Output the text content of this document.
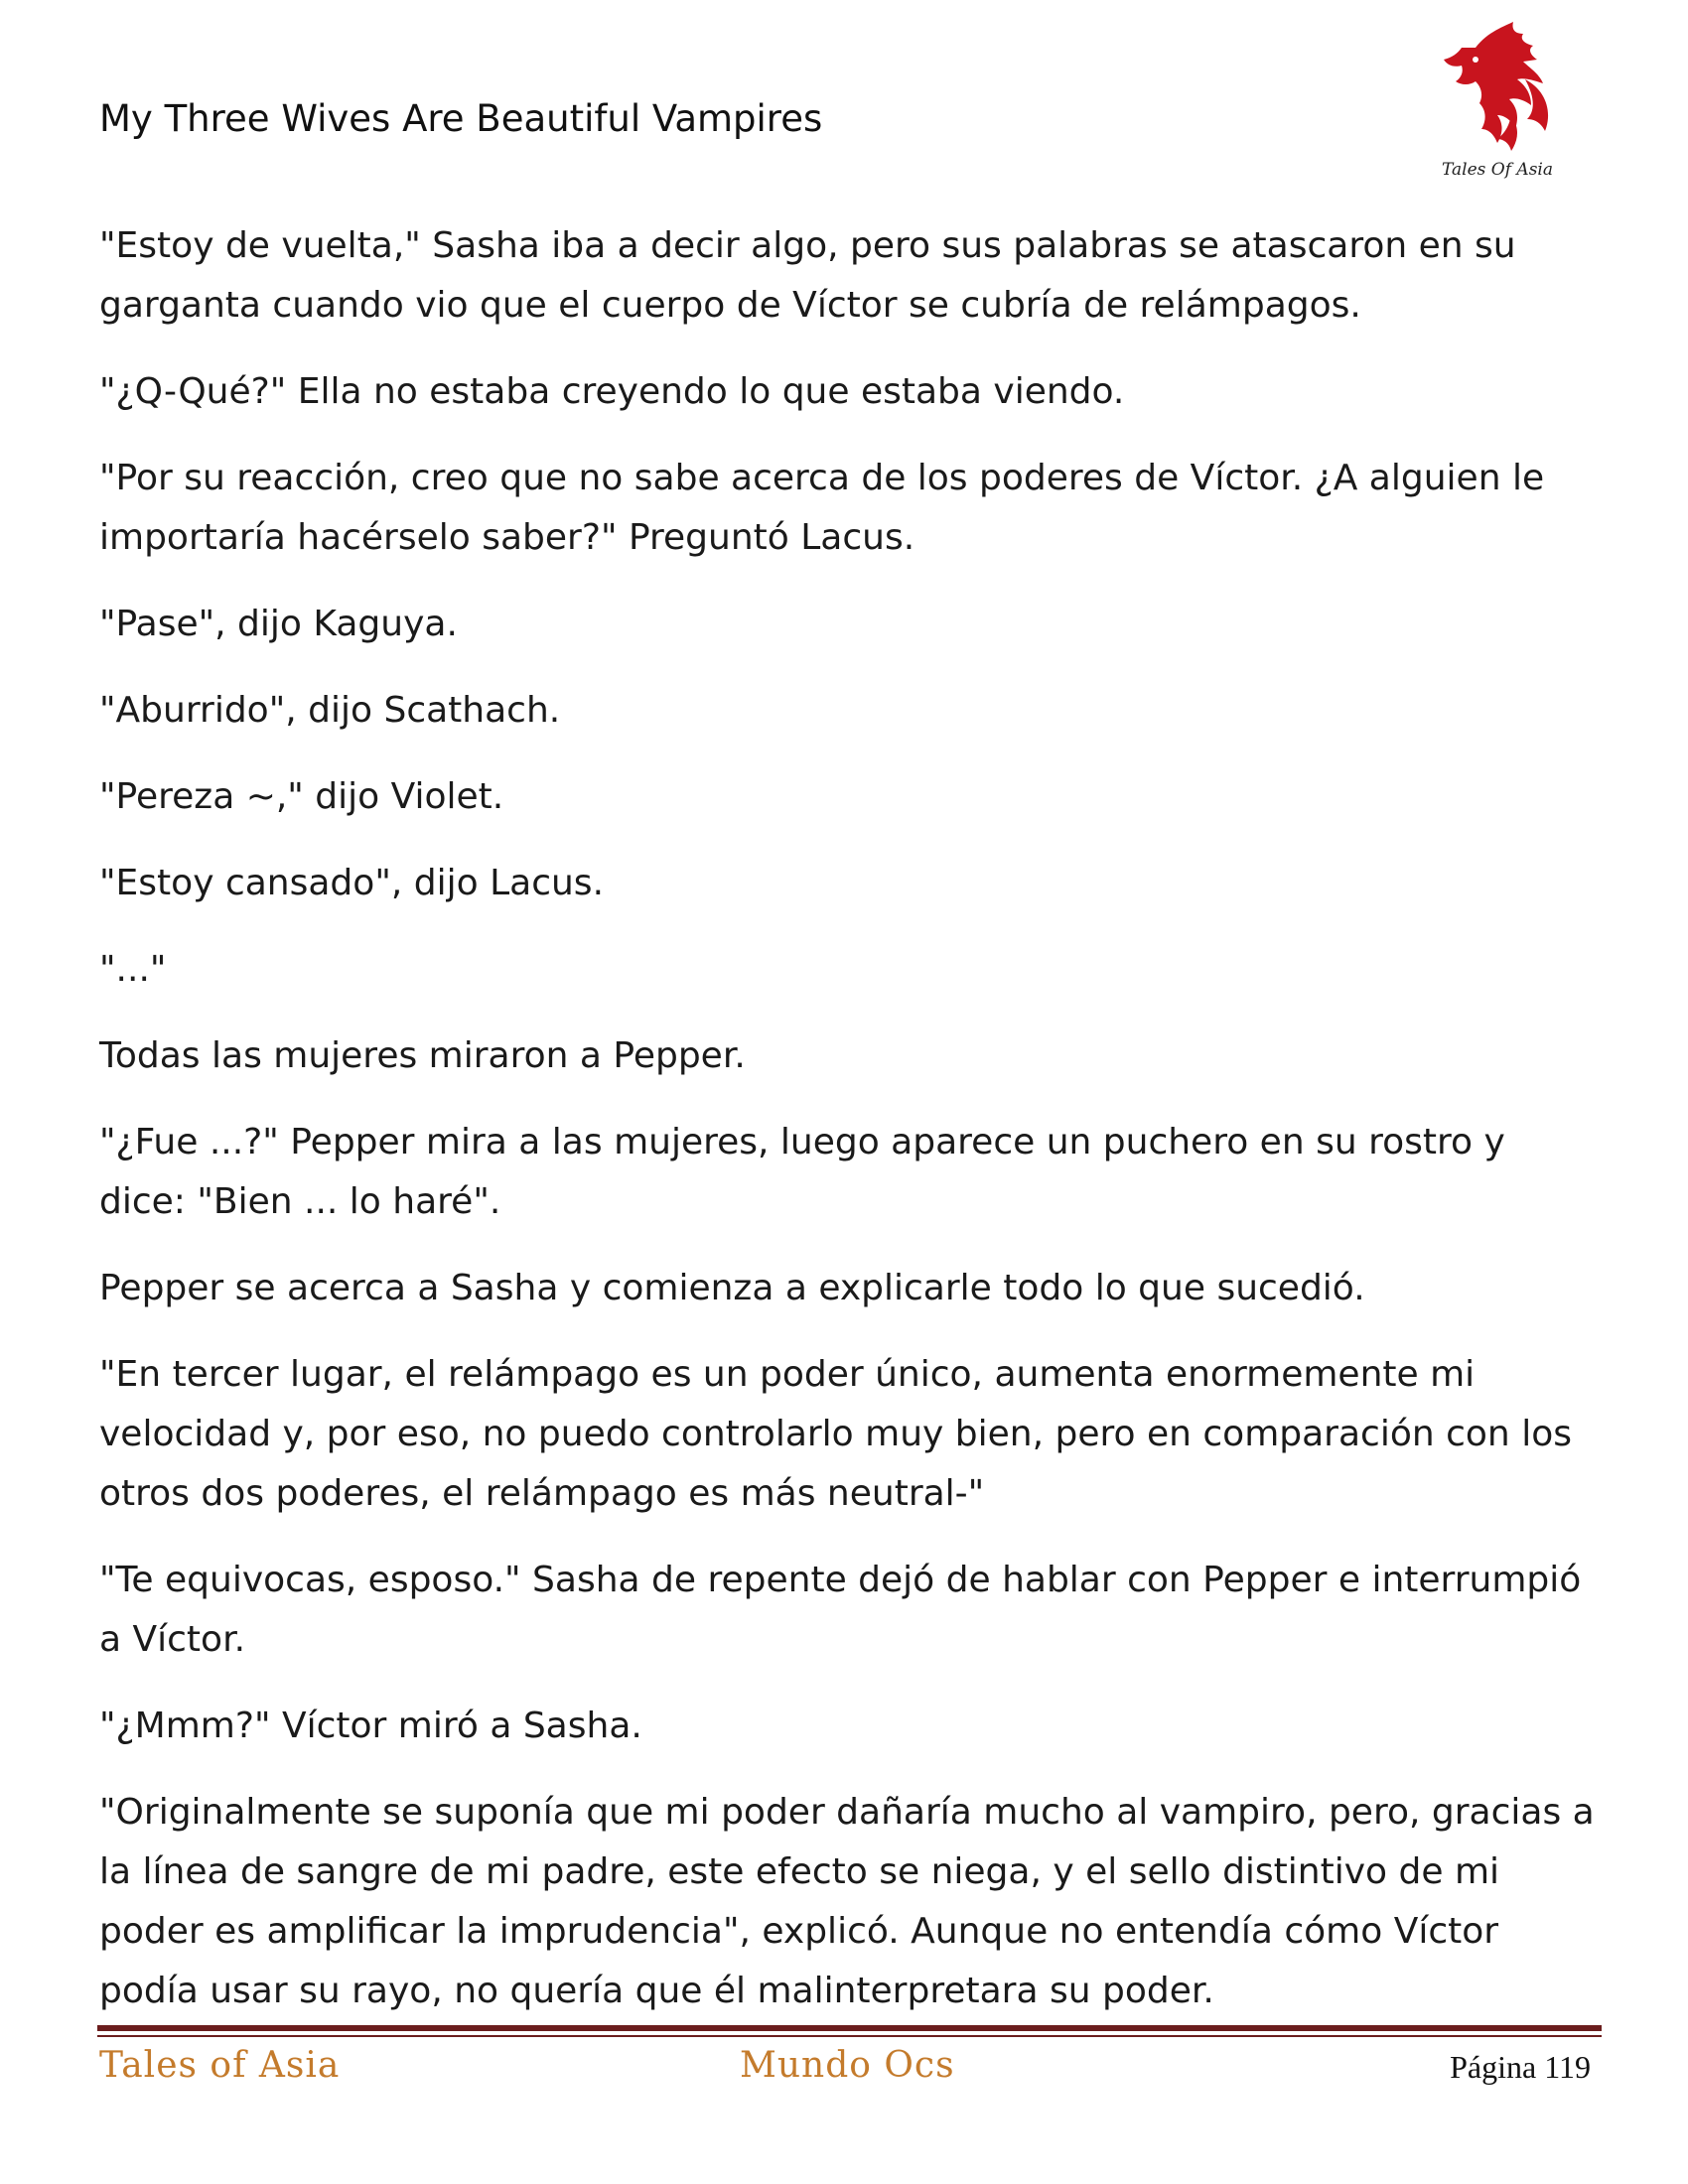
My Three Wives Are Beautiful Vampires
Tales Of Asia

"Estoy de vuelta," Sasha iba a decir algo, pero sus palabras se atascaron en su garganta cuando vio que el cuerpo de Víctor se cubría de relámpagos.

"¿Q-Qué?" Ella no estaba creyendo lo que estaba viendo.

"Por su reacción, creo que no sabe acerca de los poderes de Víctor. ¿A alguien le importaría hacérselo saber?" Preguntó Lacus.

"Pase", dijo Kaguya.

"Aburrido", dijo Scathach.

"Pereza ~," dijo Violet.

"Estoy cansado", dijo Lacus.

"..."

Todas las mujeres miraron a Pepper.

"¿Fue ...?" Pepper mira a las mujeres, luego aparece un puchero en su rostro y dice: "Bien ... lo haré".

Pepper se acerca a Sasha y comienza a explicarle todo lo que sucedió.

"En tercer lugar, el relámpago es un poder único, aumenta enormemente mi velocidad y, por eso, no puedo controlarlo muy bien, pero en comparación con los otros dos poderes, el relámpago es más neutral-"

"Te equivocas, esposo." Sasha de repente dejó de hablar con Pepper e interrumpió a Víctor.

"¿Mmm?" Víctor miró a Sasha.

"Originalmente se suponía que mi poder dañaría mucho al vampiro, pero, gracias a la línea de sangre de mi padre, este efecto se niega, y el sello distintivo de mi poder es amplificar la imprudencia", explicó. Aunque no entendía cómo Víctor podía usar su rayo, no quería que él malinterpretara su poder.

Tales of Asia	Mundo Ocs	Página 119
